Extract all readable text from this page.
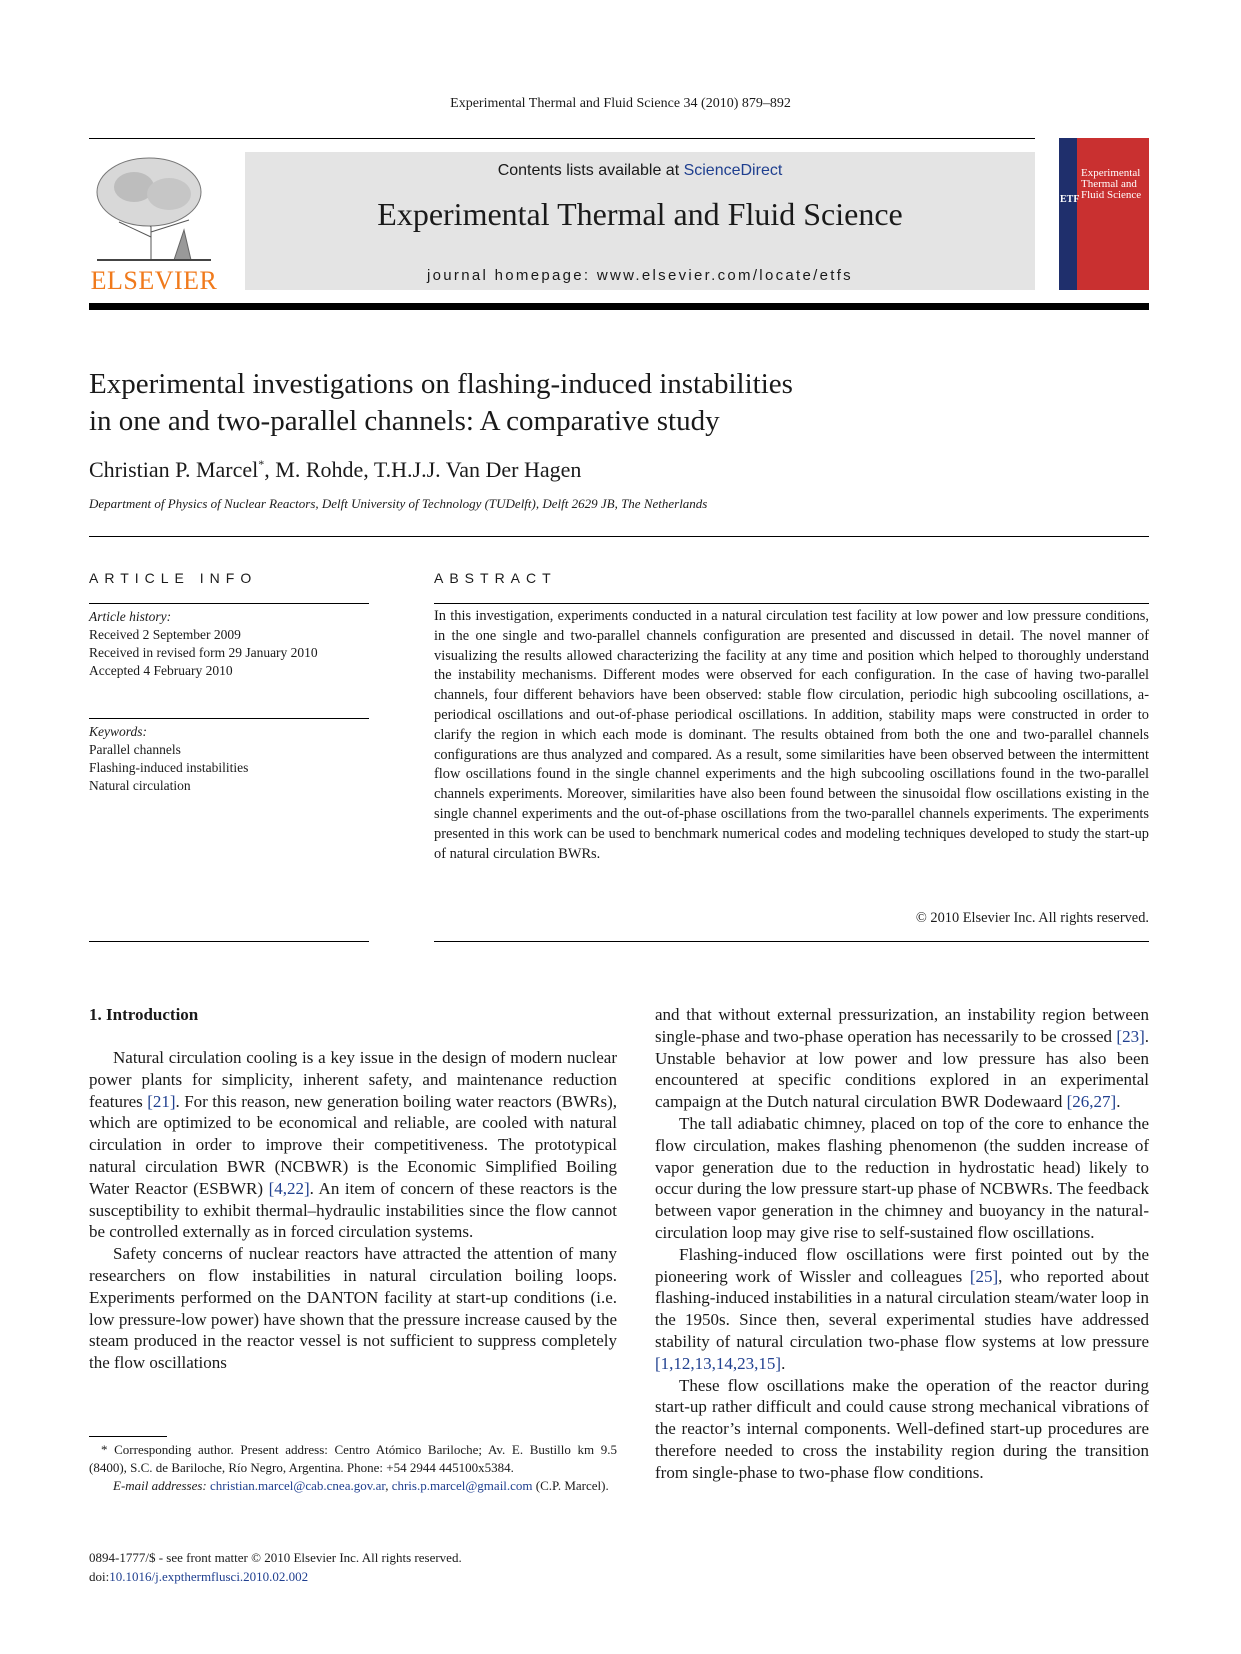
Experimental Thermal and Fluid Science 34 (2010) 879–892
ELSEVIER
Contents lists available at ScienceDirect
Experimental Thermal and Fluid Science
journal homepage: www.elsevier.com/locate/etfs
ETF
Experimental Thermal and Fluid Science
Experimental investigations on flashing-induced instabilities
in one and two-parallel channels: A comparative study
Christian P. Marcel*, M. Rohde, T.H.J.J. Van Der Hagen
Department of Physics of Nuclear Reactors, Delft University of Technology (TUDelft), Delft 2629 JB, The Netherlands
ARTICLE INFO
Article history:
Received 2 September 2009
Received in revised form 29 January 2010
Accepted 4 February 2010
Keywords:
Parallel channels
Flashing-induced instabilities
Natural circulation
ABSTRACT
In this investigation, experiments conducted in a natural circulation test facility at low power and low pressure conditions, in the one single and two-parallel channels configuration are presented and discussed in detail. The novel manner of visualizing the results allowed characterizing the facility at any time and position which helped to thoroughly understand the instability mechanisms. Different modes were observed for each configuration. In the case of having two-parallel channels, four different behaviors have been observed: stable flow circulation, periodic high subcooling oscillations, a-periodical oscillations and out-of-phase periodical oscillations. In addition, stability maps were constructed in order to clarify the region in which each mode is dominant. The results obtained from both the one and two-parallel channels configurations are thus analyzed and compared. As a result, some similarities have been observed between the intermittent flow oscillations found in the single channel experiments and the high subcooling oscillations found in the two-parallel channels experiments. Moreover, similarities have also been found between the sinusoidal flow oscillations existing in the single channel experiments and the out-of-phase oscillations from the two-parallel channels experiments. The experiments presented in this work can be used to benchmark numerical codes and modeling techniques developed to study the start-up of natural circulation BWRs.
© 2010 Elsevier Inc. All rights reserved.
1. Introduction

Natural circulation cooling is a key issue in the design of modern nuclear power plants for simplicity, inherent safety, and maintenance reduction features [21]. For this reason, new generation boiling water reactors (BWRs), which are optimized to be economical and reliable, are cooled with natural circulation in order to improve their competitiveness. The prototypical natural circulation BWR (NCBWR) is the Economic Simplified Boiling Water Reactor (ESBWR) [4,22]. An item of concern of these reactors is the susceptibility to exhibit thermal–hydraulic instabilities since the flow cannot be controlled externally as in forced circulation systems.

Safety concerns of nuclear reactors have attracted the attention of many researchers on flow instabilities in natural circulation boiling loops. Experiments performed on the DANTON facility at start-up conditions (i.e. low pressure-low power) have shown that the pressure increase caused by the steam produced in the reactor vessel is not sufficient to suppress completely the flow oscillations

and that without external pressurization, an instability region between single-phase and two-phase operation has necessarily to be crossed [23]. Unstable behavior at low power and low pressure has also been encountered at specific conditions explored in an experimental campaign at the Dutch natural circulation BWR Dodewaard [26,27].

The tall adiabatic chimney, placed on top of the core to enhance the flow circulation, makes flashing phenomenon (the sudden increase of vapor generation due to the reduction in hydrostatic head) likely to occur during the low pressure start-up phase of NCBWRs. The feedback between vapor generation in the chimney and buoyancy in the natural-circulation loop may give rise to self-sustained flow oscillations.

Flashing-induced flow oscillations were first pointed out by the pioneering work of Wissler and colleagues [25], who reported about flashing-induced instabilities in a natural circulation steam/water loop in the 1950s. Since then, several experimental studies have addressed stability of natural circulation two-phase flow systems at low pressure [1,12,13,14,23,15].

These flow oscillations make the operation of the reactor during start-up rather difficult and could cause strong mechanical vibrations of the reactor’s internal components. Well-defined start-up procedures are therefore needed to cross the instability region during the transition from single-phase to two-phase flow conditions.

* Corresponding author. Present address: Centro Atómico Bariloche; Av. E. Bustillo km 9.5 (8400), S.C. de Bariloche, Río Negro, Argentina. Phone: +54 2944 445100x5384.
E-mail addresses: christian.marcel@cab.cnea.gov.ar, chris.p.marcel@gmail.com (C.P. Marcel).
0894-1777/$ - see front matter © 2010 Elsevier Inc. All rights reserved.
doi:10.1016/j.expthermflusci.2010.02.002
